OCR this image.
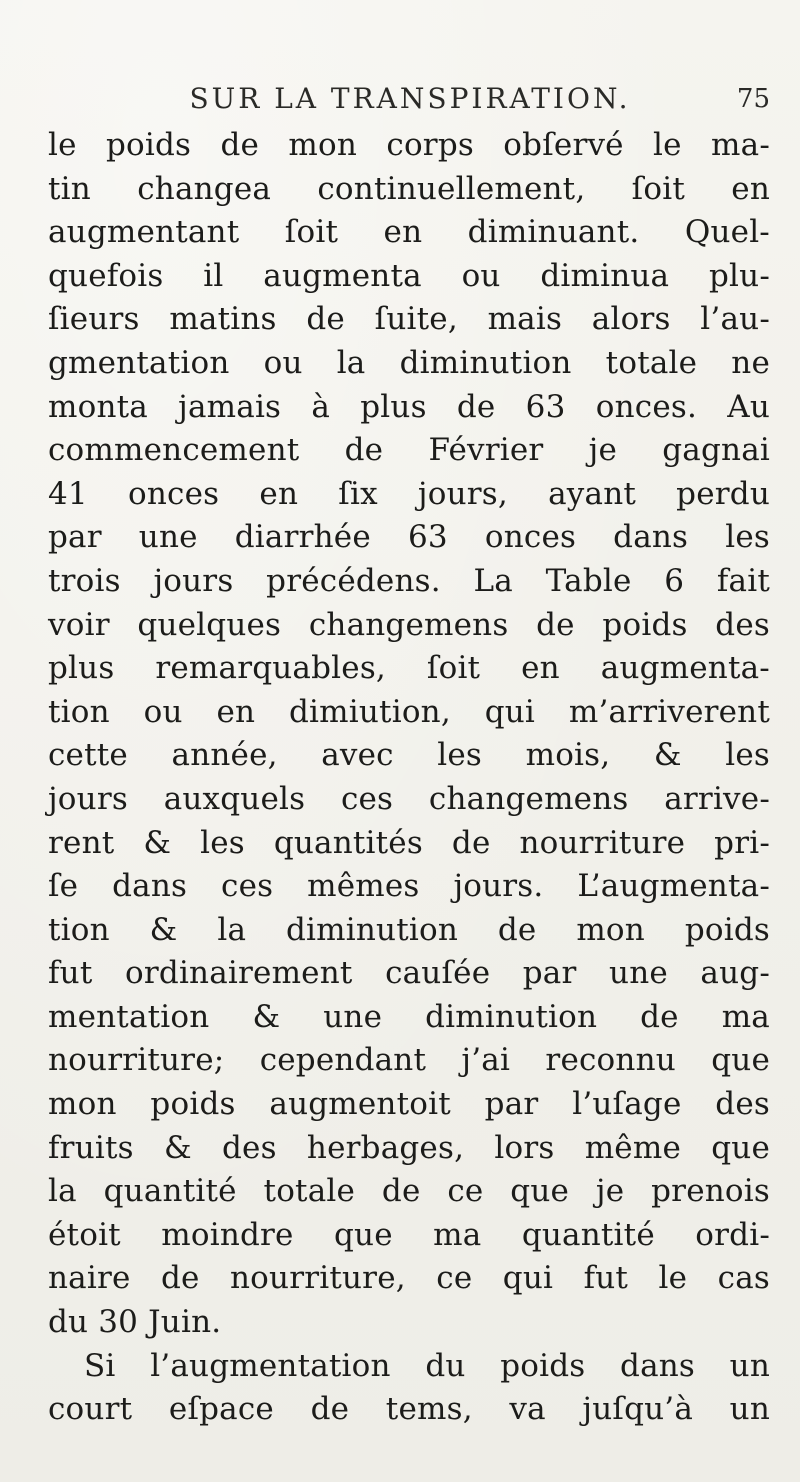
SUR LA TRANSPIRATION.	75
le poids de mon corps obſervé le ma-
tin changea continuellement, ſoit en
augmentant ſoit en diminuant. Quel-
quefois il augmenta ou diminua plu-
ſieurs matins de ſuite, mais alors l’au-
gmentation ou la diminution totale ne
monta jamais à plus de 63 onces. Au
commencement de Février je gagnai
41 onces en ſix jours, ayant perdu
par une diarrhée 63 onces dans les
trois jours précédens. La Table 6 fait
voir quelques changemens de poids des
plus remarquables, ſoit en augmenta-
tion ou en dimiution, qui m’arriverent
cette année, avec les mois, & les
jours auxquels ces changemens arrive-
rent & les quantités de nourriture pri-
ſe dans ces mêmes jours. L’augmenta-
tion & la diminution de mon poids
fut ordinairement cauſée par une aug-
mentation & une diminution de ma
nourriture; cependant j’ai reconnu que
mon poids augmentoit par l’uſage des
fruits & des herbages, lors même que
la quantité totale de ce que je prenois
étoit moindre que ma quantité ordi-
naire de nourriture, ce qui fut le cas
du 30 Juin.
Si l’augmentation du poids dans un
court eſpace de tems, va juſqu’à un
